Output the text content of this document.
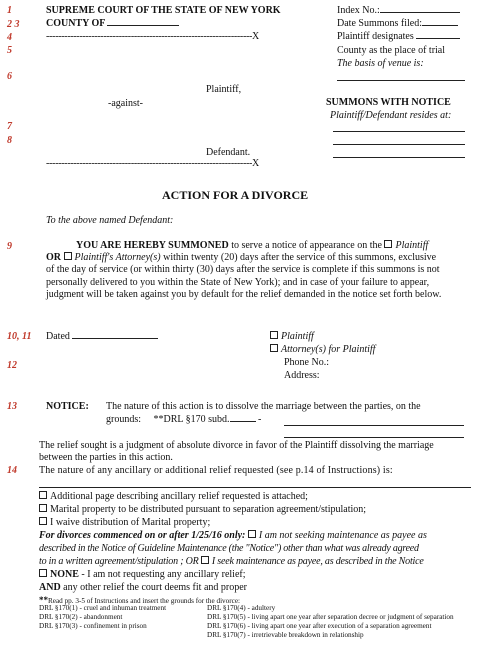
1
2 3
4
5
6
7
8
9
10, 11
12
13
14
SUPREME COURT OF THE STATE OF NEW YORK
COUNTY OF
--------------------------------------------------------------------X
Index No.:
Date Summons filed:
Plaintiff designates
County as the place of trial
The basis of venue is:
Plaintiff,
-against-	SUMMONS WITH NOTICE
Plaintiff/Defendant resides at:
Defendant.
--------------------------------------------------------------------X
ACTION FOR A DIVORCE
To the above named Defendant:
YOU ARE HEREBY SUMMONED to serve a notice of appearance on the Plaintiff
OR Plaintiff's Attorney(s) within twenty (20) days after the service of this summons, exclusive
of the day of service (or within thirty (30) days after the service is complete if this summons is not
personally delivered to you within the State of New York); and in case of your failure to appear,
judgment will be taken against you by default for the relief demanded in the notice set forth below.
Dated	Plaintiff
Attorney(s) for Plaintiff
Phone No.:
Address:
NOTICE: The nature of this action is to dissolve the marriage between the parties, on the
grounds: **DRL §170 subd.	-
The relief sought is a judgment of absolute divorce in favor of the Plaintiff dissolving the marriage
between the parties in this action.
The nature of any ancillary or additional relief requested (see p.14 of Instructions) is:
Additional page describing ancillary relief requested is attached;
Marital property to be distributed pursuant to separation agreement/stipulation;
I waive distribution of Marital property;
For divorces commenced on or after 1/25/16 only: I am not seeking maintenance as payee as
described in the Notice of Guideline Maintenance (the "Notice") other than what was already agreed
to in a written agreement/stipulation ; OR I seek maintenance as payee, as described in the Notice
NONE - I am not requesting any ancillary relief;
AND any other relief the court deems fit and proper
**Read pp. 3-5 of Instructions and insert the grounds for the divorce:
DRL §170(1) - cruel and inhuman treatment
DRL §170(2) - abandonment
DRL §170(3) - confinement in prison
DRL §170(4) - adultery
DRL §170(5) - living apart one year after separation decree or judgment of separation
DRL §170(6) - living apart one year after execution of a separation agreement
DRL §170(7) - irretrievable breakdown in relationship
